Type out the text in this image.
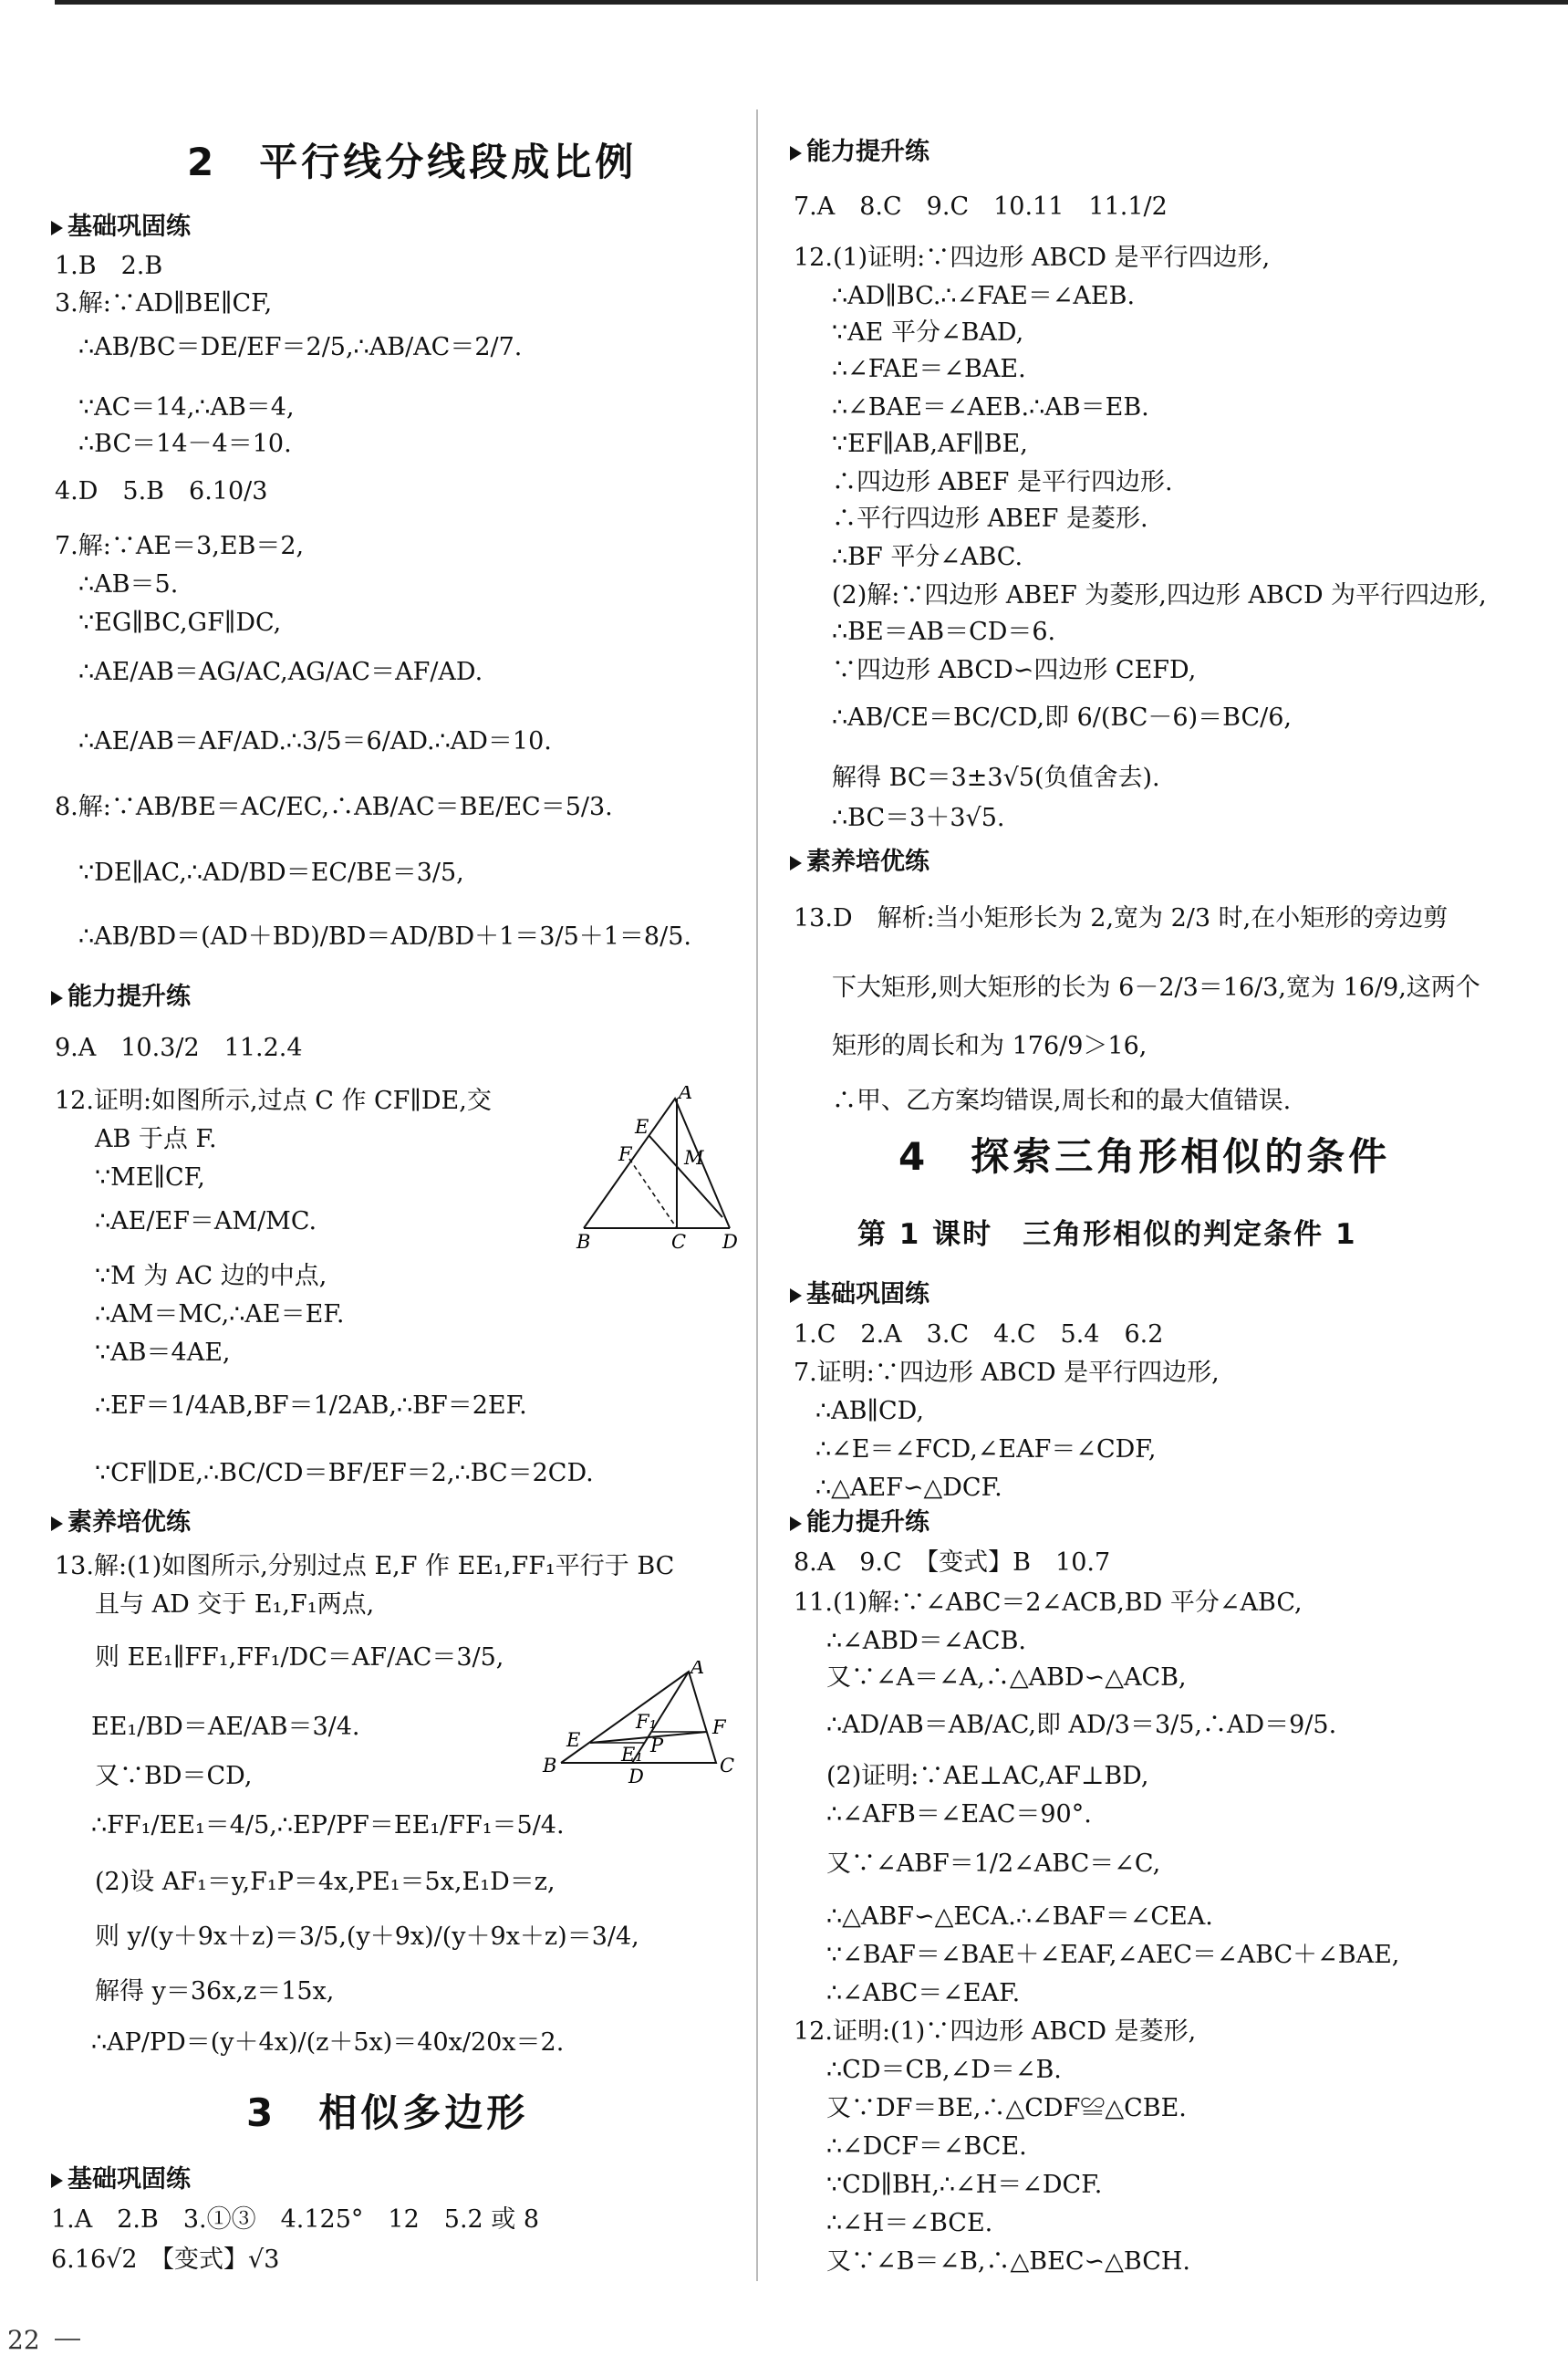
2　平行线分线段成比例
基础巩固练
1.B　2.B
3.解:∵AD∥BE∥CF,
∴AB/BC＝DE/EF＝2/5,∴AB/AC＝2/7.
∵AC＝14,∴AB＝4,
∴BC＝14－4＝10.
4.D　5.B　6.10/3
7.解:∵AE＝3,EB＝2,
∴AB＝5.
∵EG∥BC,GF∥DC,
∴AE/AB＝AG/AC,AG/AC＝AF/AD.
∴AE/AB＝AF/AD.∴3/5＝6/AD.∴AD＝10.
8.解:∵AB/BE＝AC/EC,∴AB/AC＝BE/EC＝5/3.
∵DE∥AC,∴AD/BD＝EC/BE＝3/5,
∴AB/BD＝(AD＋BD)/BD＝AD/BD＋1＝3/5＋1＝8/5.
能力提升练
9.A　10.3/2　11.2.4
12.证明:如图所示,过点 C 作 CF∥DE,交
AB 于点 F.
∵ME∥CF,
∴AE/EF＝AM/MC.
∵M 为 AC 边的中点,
∴AM＝MC,∴AE＝EF.
∵AB＝4AE,
∴EF＝1/4AB,BF＝1/2AB,∴BF＝2EF.
∵CF∥DE,∴BC/CD＝BF/EF＝2,∴BC＝2CD.
A
E
F	M
B	C D
素养培优练
13.解:(1)如图所示,分别过点 E,F 作 EE₁,FF₁平行于 BC
且与 AD 交于 E₁,F₁两点,
则 EE₁∥FF₁,FF₁/DC＝AF/AC＝3/5,
EE₁/BD＝AE/AB＝3/4.
又∵BD＝CD,
∴FF₁/EE₁＝4/5,∴EP/PF＝EE₁/FF₁＝5/4.
(2)设 AF₁＝y,F₁P＝4x,PE₁＝5x,E₁D＝z,
则 y/(y＋9x＋z)＝3/5,(y＋9x)/(y＋9x＋z)＝3/4,
解得 y＝36x,z＝15x,
∴AP/PD＝(y＋4x)/(z＋5x)＝40x/20x＝2.
A
F₁	F
E
E₁ P
B	D	C
3　相似多边形
基础巩固练
1.A　2.B　3.①③　4.125°　12　5.2 或 8
6.16√2　【变式】√3
能力提升练
7.A　8.C　9.C　10.11　11.1/2
12.(1)证明:∵四边形 ABCD 是平行四边形,
∴AD∥BC.∴∠FAE＝∠AEB.
∵AE 平分∠BAD,
∴∠FAE＝∠BAE.
∴∠BAE＝∠AEB.∴AB＝EB.
∵EF∥AB,AF∥BE,
∴四边形 ABEF 是平行四边形.
∴平行四边形 ABEF 是菱形.
∴BF 平分∠ABC.
(2)解:∵四边形 ABEF 为菱形,四边形 ABCD 为平行四边形,
∴BE＝AB＝CD＝6.
∵四边形 ABCD∽四边形 CEFD,
∴AB/CE＝BC/CD,即 6/(BC－6)＝BC/6,
解得 BC＝3±3√5(负值舍去).
∴BC＝3＋3√5.
素养培优练
13.D　解析:当小矩形长为 2,宽为 2/3 时,在小矩形的旁边剪
下大矩形,则大矩形的长为 6－2/3＝16/3,宽为 16/9,这两个
矩形的周长和为 176/9＞16,
∴甲、乙方案均错误,周长和的最大值错误.
4　探索三角形相似的条件
第 1 课时　三角形相似的判定条件 1
基础巩固练
1.C　2.A　3.C　4.C　5.4　6.2
7.证明:∵四边形 ABCD 是平行四边形,
∴AB∥CD,
∴∠E＝∠FCD,∠EAF＝∠CDF,
∴△AEF∽△DCF.
能力提升练
8.A　9.C　【变式】B　10.7
11.(1)解:∵∠ABC＝2∠ACB,BD 平分∠ABC,
∴∠ABD＝∠ACB.
又∵∠A＝∠A,∴△ABD∽△ACB,
∴AD/AB＝AB/AC,即 AD/3＝3/5,∴AD＝9/5.
(2)证明:∵AE⊥AC,AF⊥BD,
∴∠AFB＝∠EAC＝90°.
又∵∠ABF＝1/2∠ABC＝∠C,
∴△ABF∽△ECA.∴∠BAF＝∠CEA.
∵∠BAF＝∠BAE＋∠EAF,∠AEC＝∠ABC＋∠BAE,
∴∠ABC＝∠EAF.
12.证明:(1)∵四边形 ABCD 是菱形,
∴CD＝CB,∠D＝∠B.
又∵DF＝BE,∴△CDF≌△CBE.
∴∠DCF＝∠BCE.
∵CD∥BH,∴∠H＝∠DCF.
∴∠H＝∠BCE.
又∵∠B＝∠B,∴△BEC∽△BCH.
22
